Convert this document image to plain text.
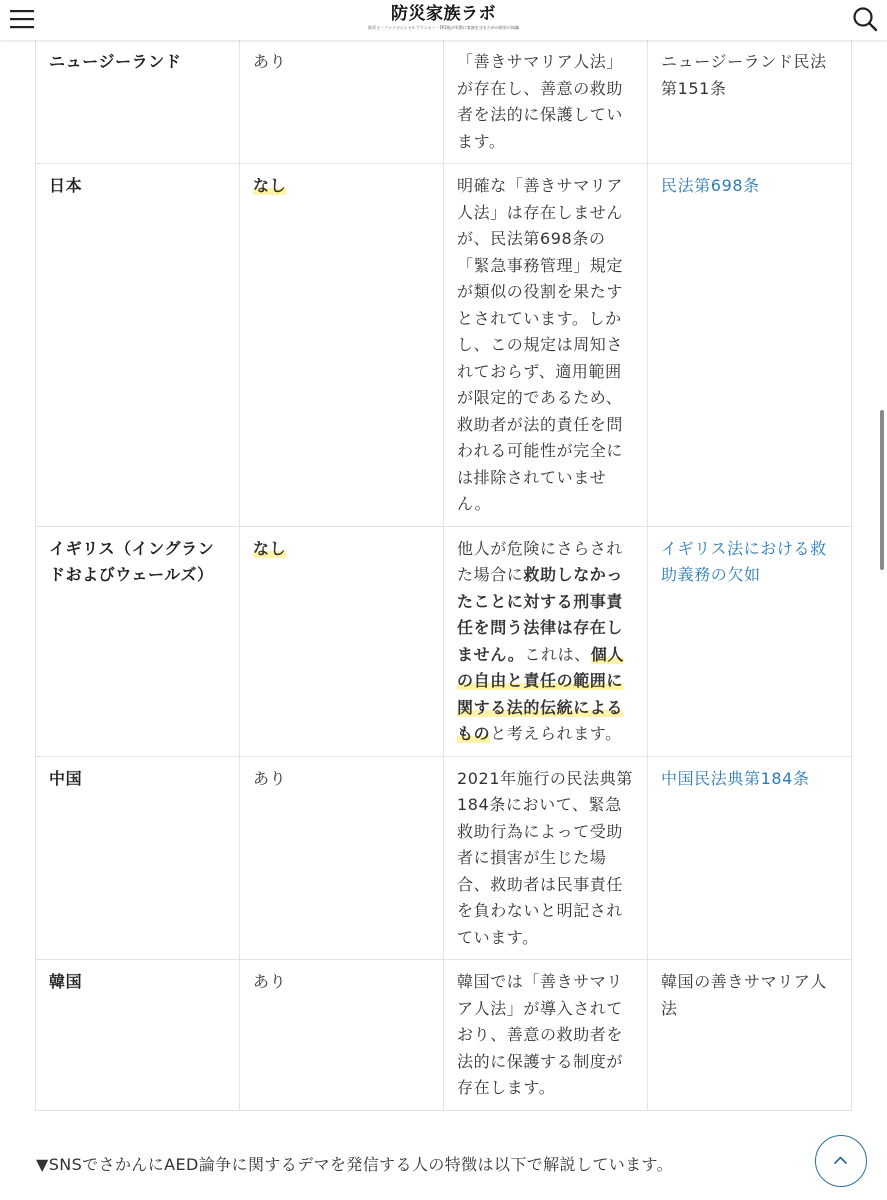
防災家族ラボ
防災士・ファイナンシャルプランナー・FP2級が実際に家族を守るための防災の知識
ニュージーランド	あり	「善きサマリア人法」が存在し、善意の救助者を法的に保護しています。	ニュージーランド民法第151条
日本	なし	明確な「善きサマリア人法」は存在しませんが、民法第698条の「緊急事務管理」規定が類似の役割を果たすとされています。しかし、この規定は周知されておらず、適用範囲が限定的であるため、救助者が法的責任を問われる可能性が完全には排除されていません。	民法第698条
イギリス（イングランドおよびウェールズ）	なし	他人が危険にさらされた場合に救助しなかったことに対する刑事責任を問う法律は存在しません。これは、個人の自由と責任の範囲に関する法的伝統によるものと考えられます。	イギリス法における救助義務の欠如
中国	あり	2021年施行の民法典第184条において、緊急救助行為によって受助者に損害が生じた場合、救助者は民事責任を負わないと明記されています。	中国民法典第184条
韓国	あり	韓国では「善きサマリア人法」が導入されており、善意の救助者を法的に保護する制度が存在します。	韓国の善きサマリア人法
▼SNSでさかんにAED論争に関するデマを発信する人の特徴は以下で解説しています。
